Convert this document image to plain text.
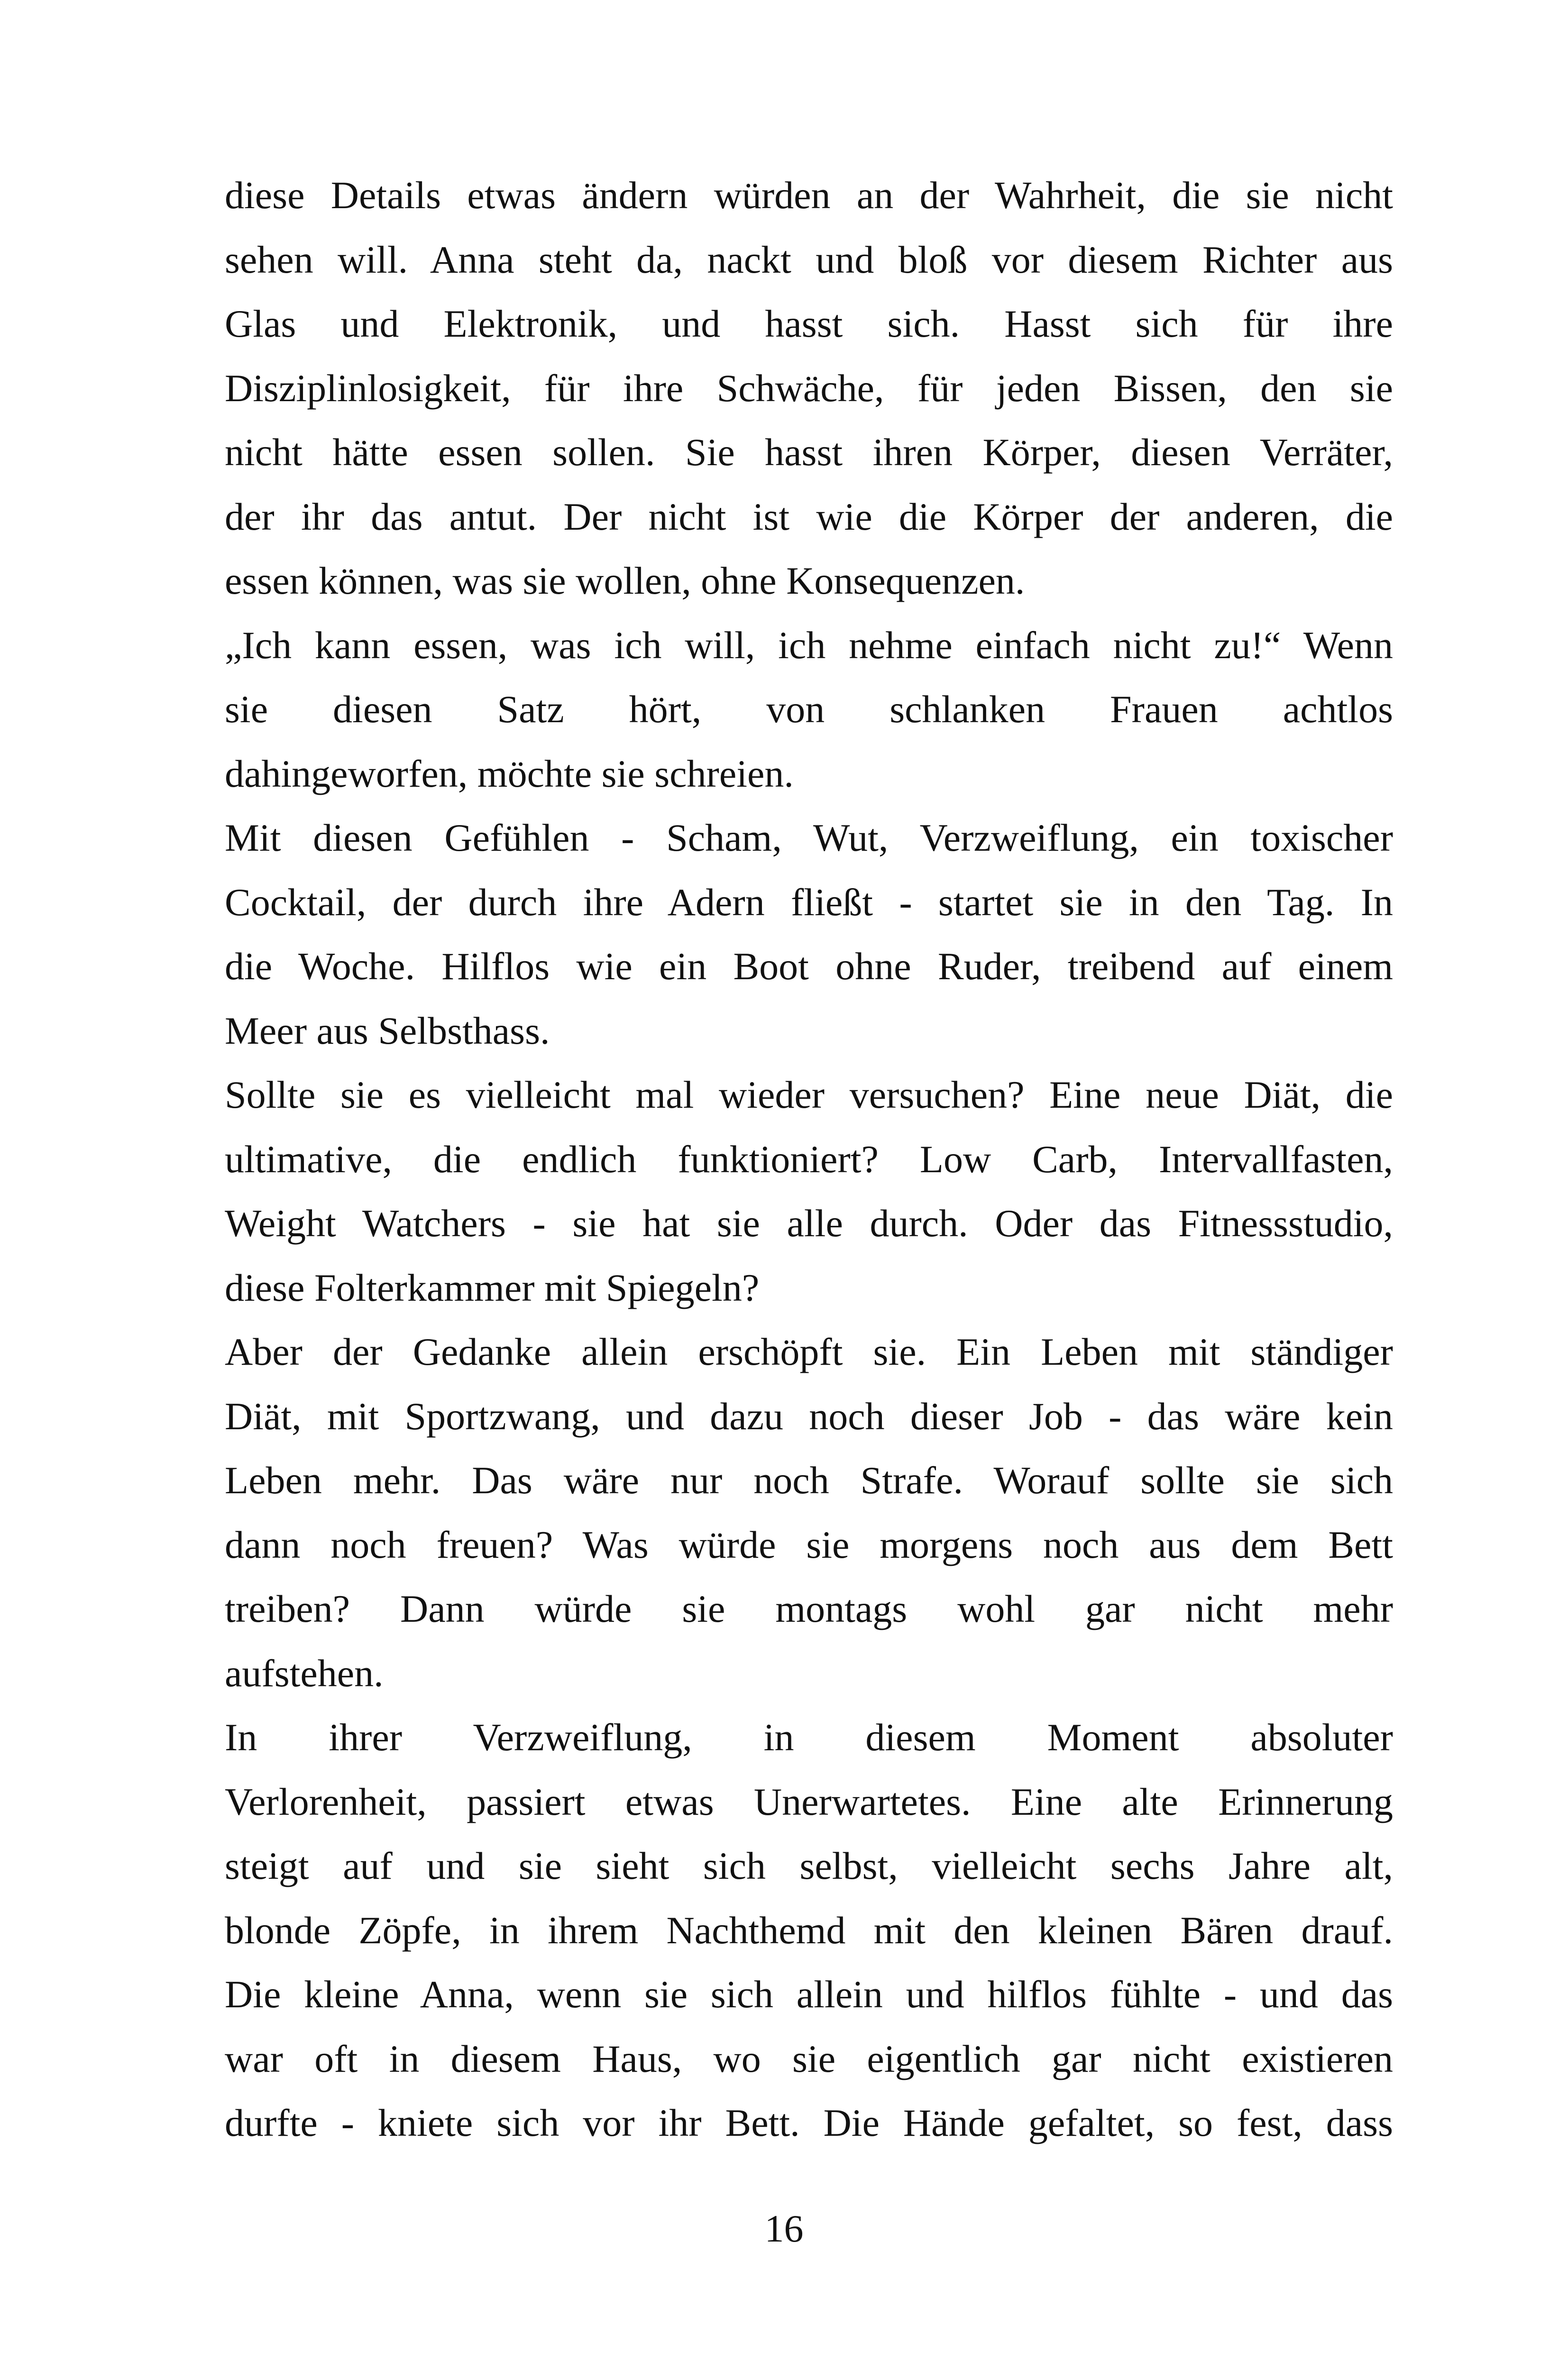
diese Details etwas ändern würden an der Wahrheit, die sie nicht
sehen will. Anna steht da, nackt und bloß vor diesem Richter aus
Glas und Elektronik, und hasst sich. Hasst sich für ihre
Disziplinlosigkeit, für ihre Schwäche, für jeden Bissen, den sie
nicht hätte essen sollen. Sie hasst ihren Körper, diesen Verräter,
der ihr das antut. Der nicht ist wie die Körper der anderen, die
essen können, was sie wollen, ohne Konsequenzen.
„Ich kann essen, was ich will, ich nehme einfach nicht zu!“ Wenn
sie diesen Satz hört, von schlanken Frauen achtlos
dahingeworfen, möchte sie schreien.
Mit diesen Gefühlen - Scham, Wut, Verzweiflung, ein toxischer
Cocktail, der durch ihre Adern fließt - startet sie in den Tag. In
die Woche. Hilflos wie ein Boot ohne Ruder, treibend auf einem
Meer aus Selbsthass.
Sollte sie es vielleicht mal wieder versuchen? Eine neue Diät, die
ultimative, die endlich funktioniert? Low Carb, Intervallfasten,
Weight Watchers - sie hat sie alle durch. Oder das Fitnessstudio,
diese Folterkammer mit Spiegeln?
Aber der Gedanke allein erschöpft sie. Ein Leben mit ständiger
Diät, mit Sportzwang, und dazu noch dieser Job - das wäre kein
Leben mehr. Das wäre nur noch Strafe. Worauf sollte sie sich
dann noch freuen? Was würde sie morgens noch aus dem Bett
treiben? Dann würde sie montags wohl gar nicht mehr
aufstehen.
In ihrer Verzweiflung, in diesem Moment absoluter
Verlorenheit, passiert etwas Unerwartetes. Eine alte Erinnerung
steigt auf und sie sieht sich selbst, vielleicht sechs Jahre alt,
blonde Zöpfe, in ihrem Nachthemd mit den kleinen Bären drauf.
Die kleine Anna, wenn sie sich allein und hilflos fühlte - und das
war oft in diesem Haus, wo sie eigentlich gar nicht existieren
durfte - kniete sich vor ihr Bett. Die Hände gefaltet, so fest, dass
16
